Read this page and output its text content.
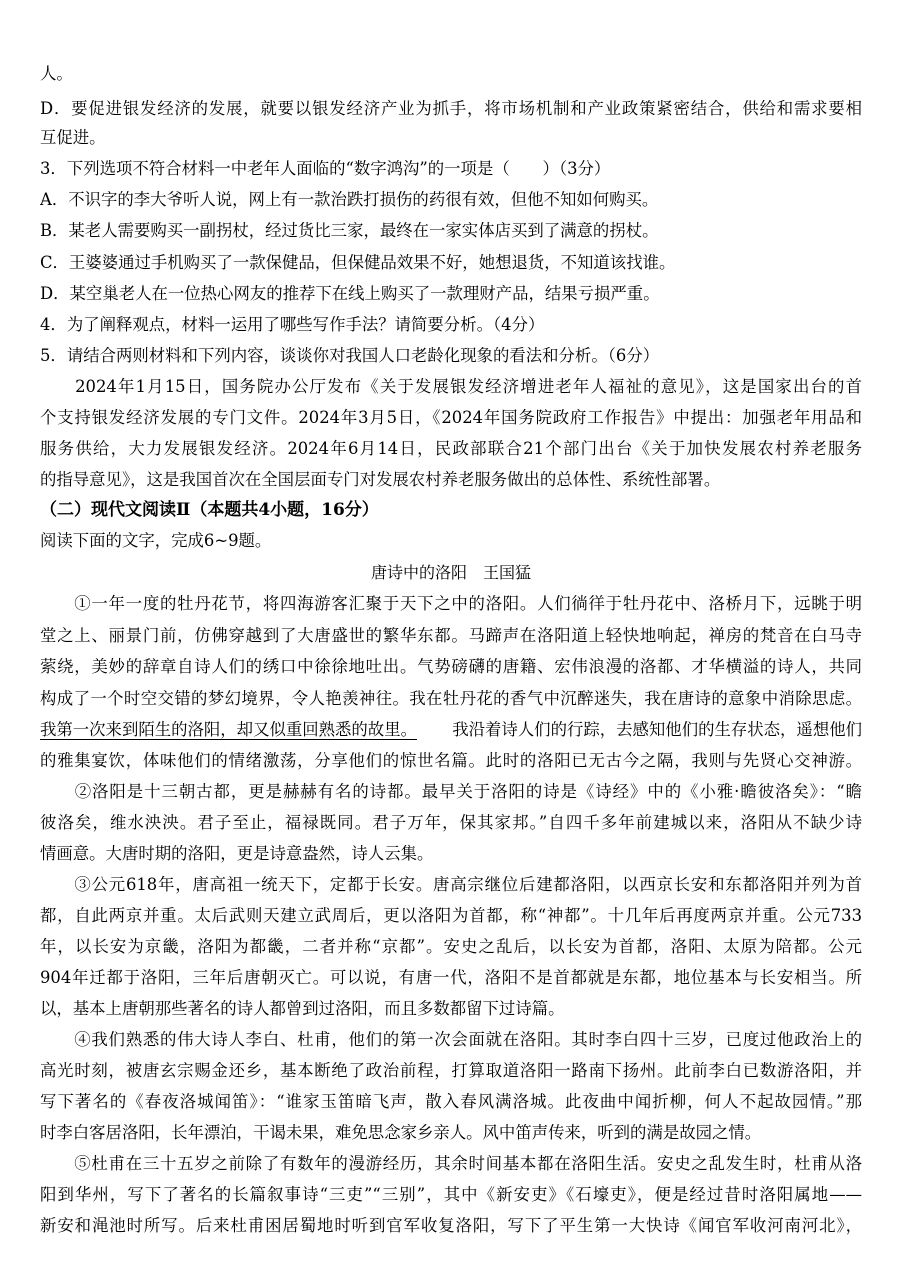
人。
D．要促进银发经济的发展，就要以银发经济产业为抓手，将市场机制和产业政策紧密结合，供给和需求要相
互促进。
3．下列选项不符合材料一中老年人面临的“数字鸿沟”的一项是（　　）（3分）
A．不识字的李大爷听人说，网上有一款治跌打损伤的药很有效，但他不知如何购买。
B．某老人需要购买一副拐杖，经过货比三家，最终在一家实体店买到了满意的拐杖。
C．王婆婆通过手机购买了一款保健品，但保健品效果不好，她想退货，不知道该找谁。
D．某空巢老人在一位热心网友的推荐下在线上购买了一款理财产品，结果亏损严重。
4．为了阐释观点，材料一运用了哪些写作手法？请简要分析。（4分）
5．请结合两则材料和下列内容，谈谈你对我国人口老龄化现象的看法和分析。（6分）
　　2024年1月15日，国务院办公厅发布《关于发展银发经济增进老年人福祉的意见》，这是国家出台的首
个支持银发经济发展的专门文件。2024年3月5日，《2024年国务院政府工作报告》中提出：加强老年用品和
服务供给，大力发展银发经济。2024年6月14日，民政部联合21个部门出台《关于加快发展农村养老服务
的指导意见》，这是我国首次在全国层面专门对发展农村养老服务做出的总体性、系统性部署。
（二）现代文阅读Ⅱ（本题共4小题，16分）
阅读下面的文字，完成6~9题。
唐诗中的洛阳　王国猛
　　①一年一度的牡丹花节，将四海游客汇聚于天下之中的洛阳。人们徜徉于牡丹花中、洛桥月下，远眺于明
堂之上、丽景门前，仿佛穿越到了大唐盛世的繁华东都。马蹄声在洛阳道上轻快地响起，禅房的梵音在白马寺
萦绕，美妙的辞章自诗人们的绣口中徐徐地吐出。气势磅礴的唐籍、宏伟浪漫的洛都、才华横溢的诗人，共同
构成了一个时空交错的梦幻境界，令人艳羡神往。我在牡丹花的香气中沉醉迷失，我在唐诗的意象中消除思虑。
我第一次来到陌生的洛阳，却又似重回熟悉的故里。 我沿着诗人们的行踪，去感知他们的生存状态，遥想他们
的雅集宴饮，体味他们的情绪激荡，分享他们的惊世名篇。此时的洛阳已无古今之隔，我则与先贤心交神游。
　　②洛阳是十三朝古都，更是赫赫有名的诗都。最早关于洛阳的诗是《诗经》中的《小雅·瞻彼洛矣》：“瞻
彼洛矣，维水泱泱。君子至止，福禄既同。君子万年，保其家邦。”自四千多年前建城以来，洛阳从不缺少诗
情画意。大唐时期的洛阳，更是诗意盎然，诗人云集。
　　③公元618年，唐高祖一统天下，定都于长安。唐高宗继位后建都洛阳，以西京长安和东都洛阳并列为首
都，自此两京并重。太后武则天建立武周后，更以洛阳为首都，称“神都”。十几年后再度两京并重。公元733
年，以长安为京畿，洛阳为都畿，二者并称“京都”。安史之乱后，以长安为首都，洛阳、太原为陪都。公元
904年迁都于洛阳，三年后唐朝灭亡。可以说，有唐一代，洛阳不是首都就是东都，地位基本与长安相当。所
以，基本上唐朝那些著名的诗人都曾到过洛阳，而且多数都留下过诗篇。
　　④我们熟悉的伟大诗人李白、杜甫，他们的第一次会面就在洛阳。其时李白四十三岁，已度过他政治上的
高光时刻，被唐玄宗赐金还乡，基本断绝了政治前程，打算取道洛阳一路南下扬州。此前李白已数游洛阳，并
写下著名的《春夜洛城闻笛》：“谁家玉笛暗飞声，散入春风满洛城。此夜曲中闻折柳，何人不起故园情。”那
时李白客居洛阳，长年漂泊，干谒未果，难免思念家乡亲人。风中笛声传来，听到的满是故园之情。
　　⑤杜甫在三十五岁之前除了有数年的漫游经历，其余时间基本都在洛阳生活。安史之乱发生时，杜甫从洛
阳到华州，写下了著名的长篇叙事诗“三吏”“三别”，其中《新安吏》《石壕吏》，便是经过昔时洛阳属地——
新安和渑池时所写。后来杜甫困居蜀地时听到官军收复洛阳，写下了平生第一大快诗《闻官军收河南河北》，
